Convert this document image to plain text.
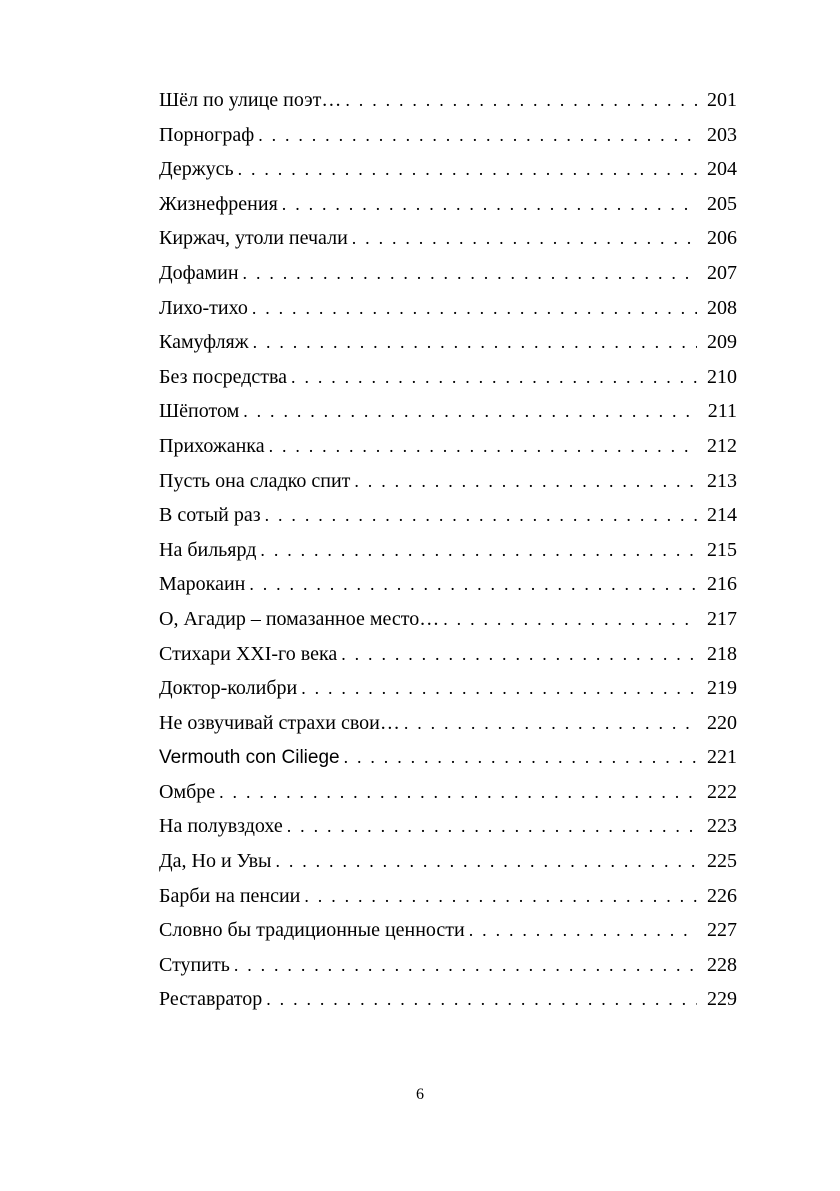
Шёл по улице поэт… . . .	201
Порнограф . . .	203
Держусь . . .	204
Жизнефрения . . .	205
Киржач, утоли печали . . .	206
Дофамин . . .	207
Лихо-тихо . . .	208
Камуфляж . . .	209
Без посредства . . .	210
Шёпотом . . .	211
Прихожанка . . .	212
Пусть она сладко спит . . .	213
В сотый раз . . .	214
На бильярд . . .	215
Марокаин . . .	216
О, Агадир – помазанное место… . . .	217
Стихари XXI-го века . . .	218
Доктор-колибри . . .	219
Не озвучивай страхи свои… . . .	220
Vermouth con Ciliege . . .	221
Омбре . . .	222
На полувздохе . . .	223
Да, Но и Увы . . .	225
Барби на пенсии . . .	226
Словно бы традиционные ценности . . .	227
Ступить . . .	228
Реставратор . . .	229
6
